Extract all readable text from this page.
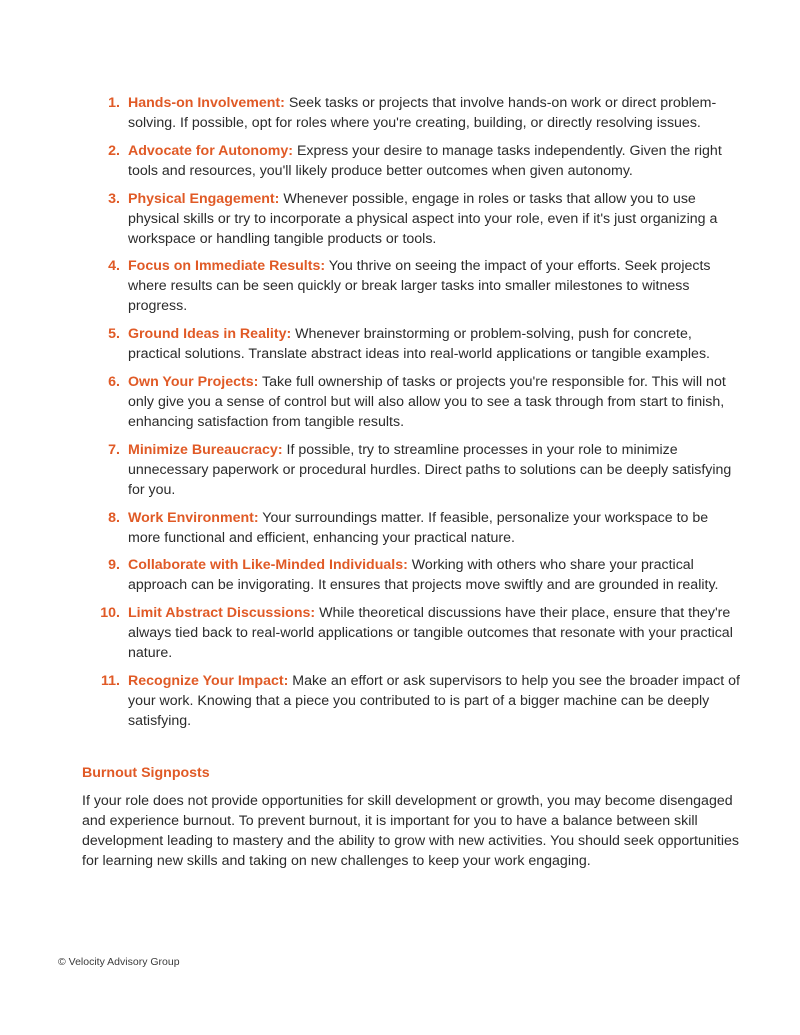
1. Hands-on Involvement: Seek tasks or projects that involve hands-on work or direct problem-solving. If possible, opt for roles where you're creating, building, or directly resolving issues.
2. Advocate for Autonomy: Express your desire to manage tasks independently. Given the right tools and resources, you'll likely produce better outcomes when given autonomy.
3. Physical Engagement: Whenever possible, engage in roles or tasks that allow you to use physical skills or try to incorporate a physical aspect into your role, even if it's just organizing a workspace or handling tangible products or tools.
4. Focus on Immediate Results: You thrive on seeing the impact of your efforts. Seek projects where results can be seen quickly or break larger tasks into smaller milestones to witness progress.
5. Ground Ideas in Reality: Whenever brainstorming or problem-solving, push for concrete, practical solutions. Translate abstract ideas into real-world applications or tangible examples.
6. Own Your Projects: Take full ownership of tasks or projects you're responsible for. This will not only give you a sense of control but will also allow you to see a task through from start to finish, enhancing satisfaction from tangible results.
7. Minimize Bureaucracy: If possible, try to streamline processes in your role to minimize unnecessary paperwork or procedural hurdles. Direct paths to solutions can be deeply satisfying for you.
8. Work Environment: Your surroundings matter. If feasible, personalize your workspace to be more functional and efficient, enhancing your practical nature.
9. Collaborate with Like-Minded Individuals: Working with others who share your practical approach can be invigorating. It ensures that projects move swiftly and are grounded in reality.
10. Limit Abstract Discussions: While theoretical discussions have their place, ensure that they're always tied back to real-world applications or tangible outcomes that resonate with your practical nature.
11. Recognize Your Impact: Make an effort or ask supervisors to help you see the broader impact of your work. Knowing that a piece you contributed to is part of a bigger machine can be deeply satisfying.
Burnout Signposts

If your role does not provide opportunities for skill development or growth, you may become disengaged and experience burnout. To prevent burnout, it is important for you to have a balance between skill development leading to mastery and the ability to grow with new activities. You should seek opportunities for learning new skills and taking on new challenges to keep your work engaging.

© Velocity Advisory Group
